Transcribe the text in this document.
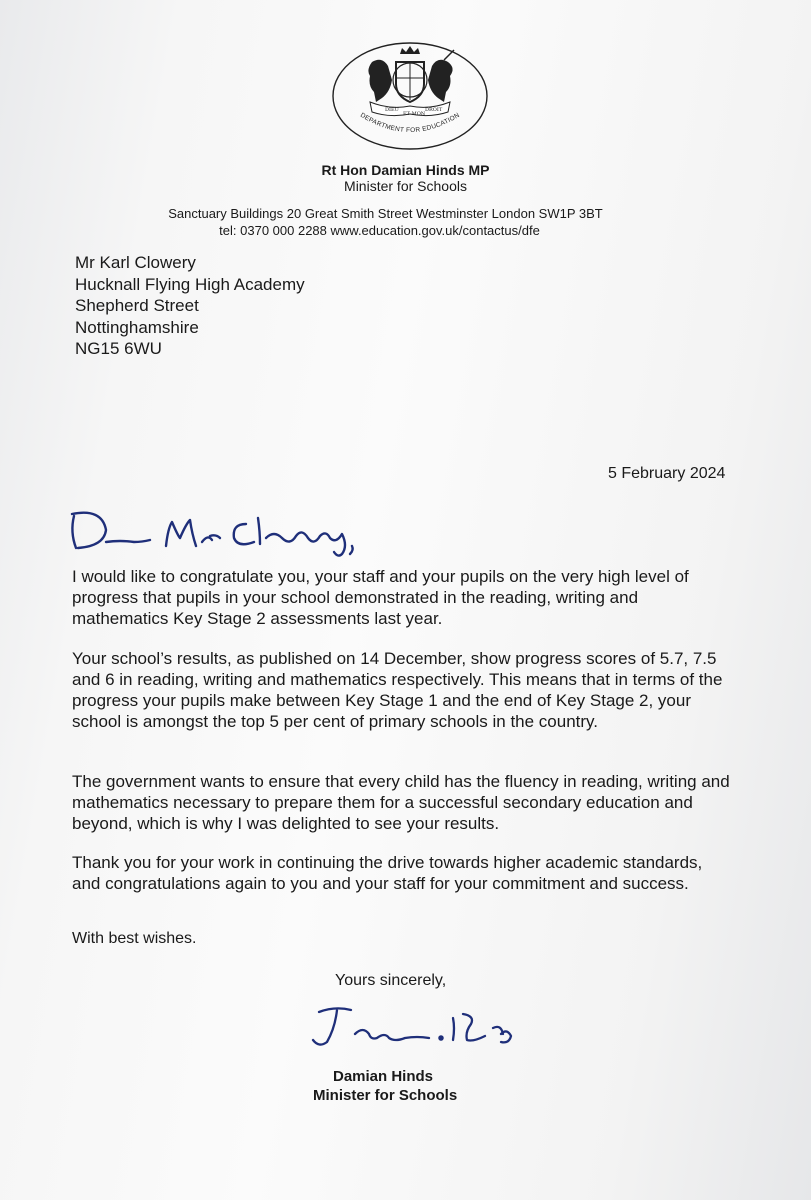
DIEU
ET MON
DROIT
DEPARTMENT FOR EDUCATION
Rt Hon Damian Hinds MP
Minister for Schools
Sanctuary Buildings 20 Great Smith Street Westminster London SW1P 3BT
tel: 0370 000 2288 www.education.gov.uk/contactus/dfe
Mr Karl Clowery
Hucknall Flying High Academy
Shepherd Street
Nottinghamshire
NG15 6WU
5 February 2024

I would like to congratulate you, your staff and your pupils on the very high level of progress that pupils in your school demonstrated in the reading, writing and mathematics Key Stage 2 assessments last year.

Your school’s results, as published on 14 December, show progress scores of 5.7, 7.5 and 6 in reading, writing and mathematics respectively. This means that in terms of the progress your pupils make between Key Stage 1 and the end of Key Stage 2, your school is amongst the top 5 per cent of primary schools in the country.

The government wants to ensure that every child has the fluency in reading, writing and mathematics necessary to prepare them for a successful secondary education and beyond, which is why I was delighted to see your results.

Thank you for your work in continuing the drive towards higher academic standards, and congratulations again to you and your staff for your commitment and success.

With best wishes.
Yours sincerely,
Damian Hinds
Minister for Schools
